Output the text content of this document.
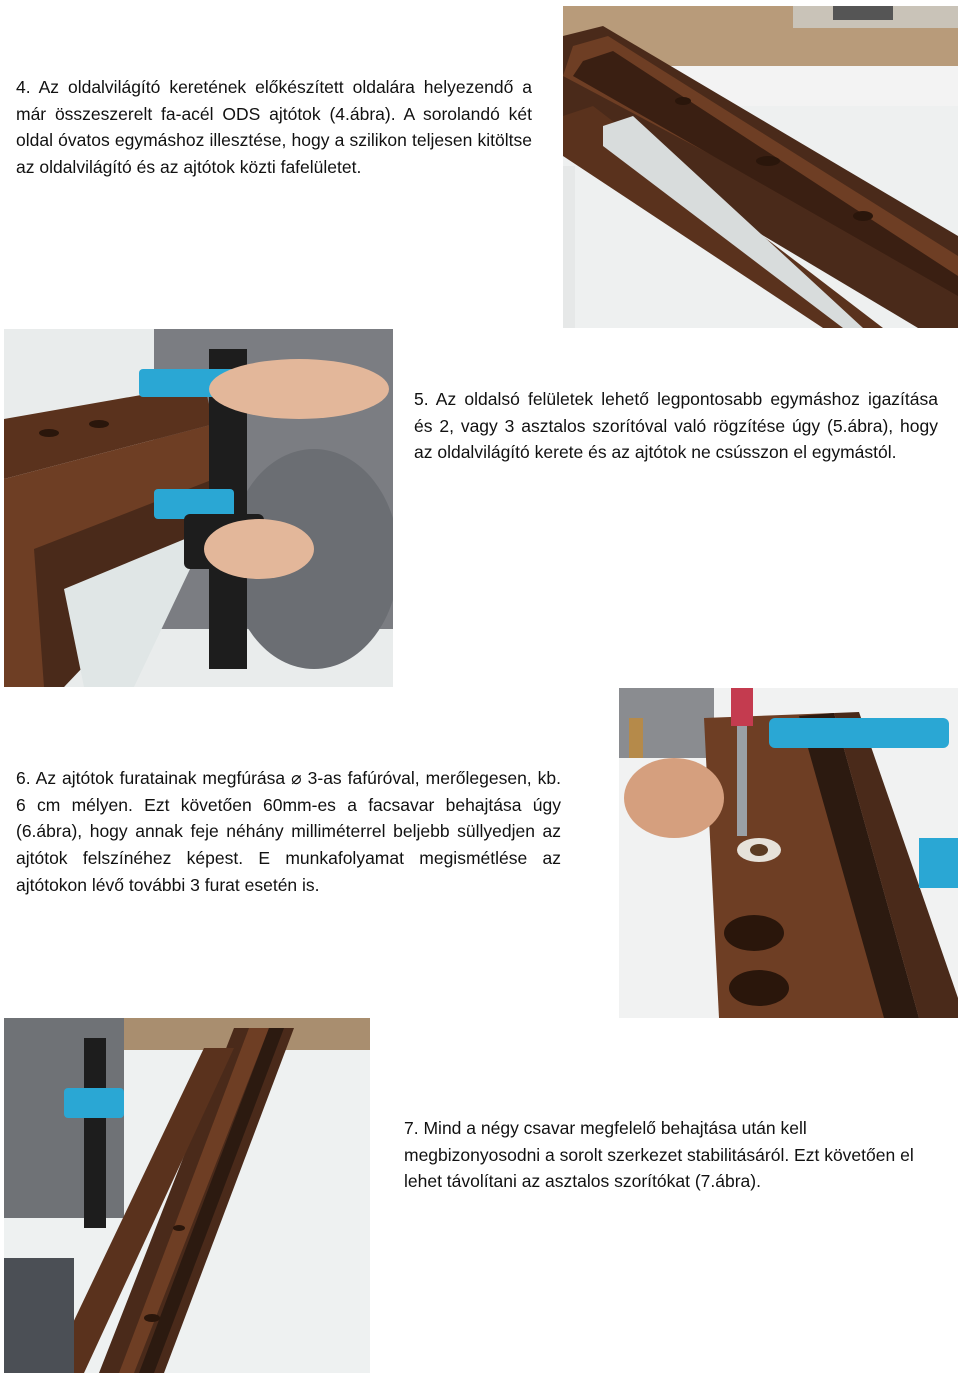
4. Az oldalvilágító keretének előkészített oldalára helyezendő a már összeszerelt fa-acél ODS ajtótok (4.ábra). A sorolandó két oldal óvatos egymáshoz illesztése, hogy a szilikon teljesen kitöltse az oldalvilágító és az ajtótok közti fafelületet.

5. Az oldalsó felületek lehető legpontosabb egymáshoz igazítása és 2, vagy 3 asztalos szorítóval való rögzítése úgy (5.ábra), hogy az oldalvilágító kerete és az ajtótok ne csússzon el egymástól.

6. Az ajtótok furatainak megfúrása ⌀ 3-as fafúróval, merőlegesen, kb. 6 cm mélyen. Ezt követően 60mm-es a facsavar behajtása úgy (6.ábra), hogy annak feje néhány milliméterrel beljebb süllyedjen az ajtótok felszínéhez képest. E munkafolyamat megismétlése az ajtótokon lévő további 3 furat esetén is.

7. Mind a négy csavar megfelelő behajtása után kell megbizonyosodni a sorolt szerkezet stabilitásáról. Ezt követően el lehet távolítani az asztalos szorítókat (7.ábra).
